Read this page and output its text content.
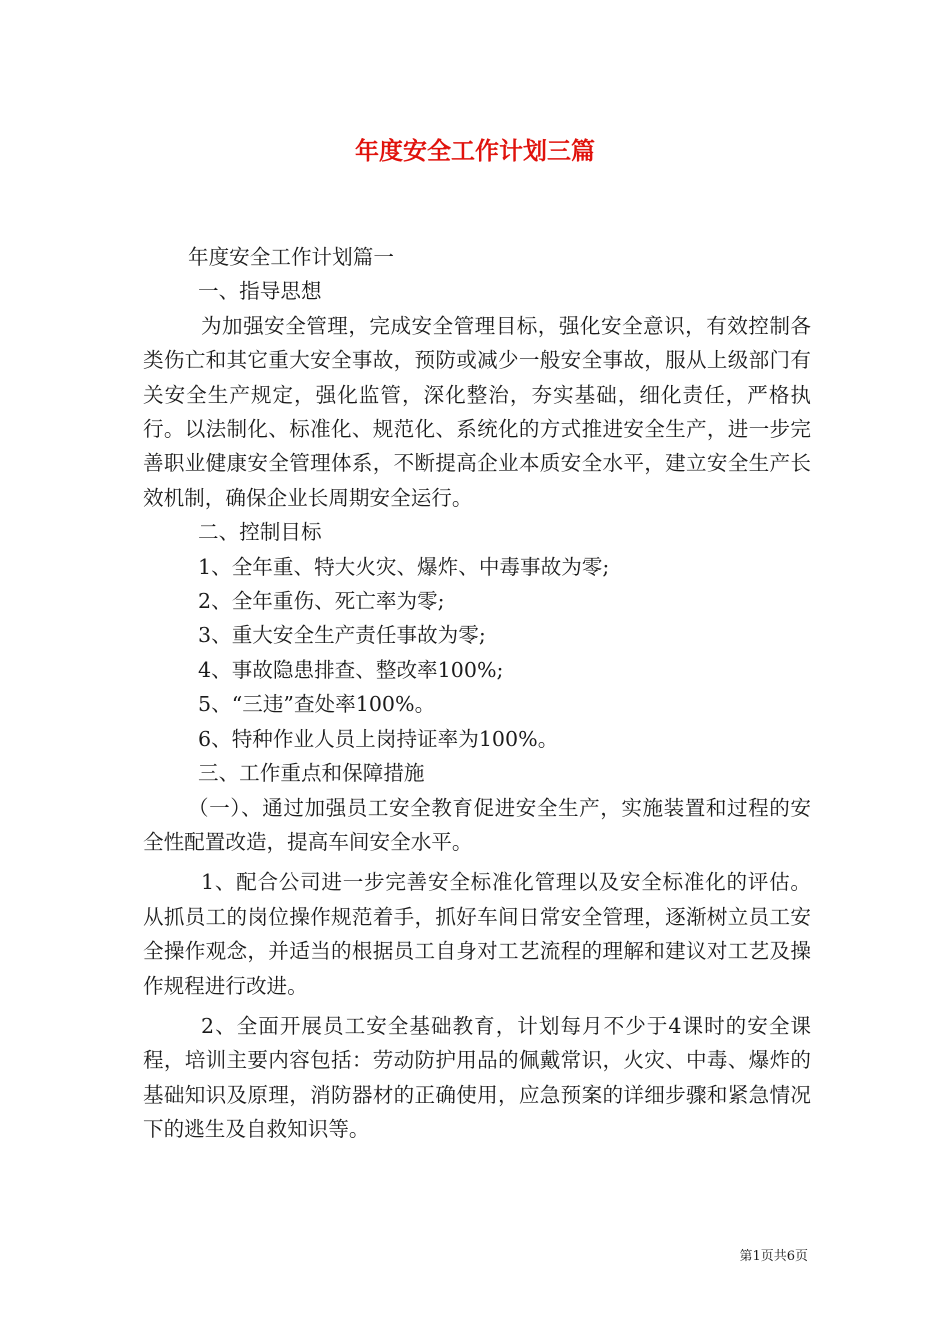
年度安全工作计划三篇

年度安全工作计划篇一

一、指导思想

为加强安全管理，完成安全管理目标，强化安全意识，有效控制各类伤亡和其它重大安全事故，预防或减少一般安全事故，服从上级部门有关安全生产规定，强化监管，深化整治，夯实基础，细化责任，严格执行。以法制化、标准化、规范化、系统化的方式推进安全生产，进一步完善职业健康安全管理体系，不断提高企业本质安全水平，建立安全生产长效机制，确保企业长周期安全运行。

二、控制目标

1、全年重、特大火灾、爆炸、中毒事故为零;

2、全年重伤、死亡率为零;

3、重大安全生产责任事故为零;

4、事故隐患排查、整改率100%;

5、“三违”查处率100%。

6、特种作业人员上岗持证率为100%。

三、工作重点和保障措施

（一）、通过加强员工安全教育促进安全生产，实施装置和过程的安全性配置改造，提高车间安全水平。

1、配合公司进一步完善安全标准化管理以及安全标准化的评估。从抓员工的岗位操作规范着手，抓好车间日常安全管理，逐渐树立员工安全操作观念，并适当的根据员工自身对工艺流程的理解和建议对工艺及操作规程进行改进。

2、全面开展员工安全基础教育，计划每月不少于4课时的安全课程，培训主要内容包括：劳动防护用品的佩戴常识，火灾、中毒、爆炸的基础知识及原理，消防器材的正确使用，应急预案的详细步骤和紧急情况下的逃生及自救知识等。

第1页共6页
